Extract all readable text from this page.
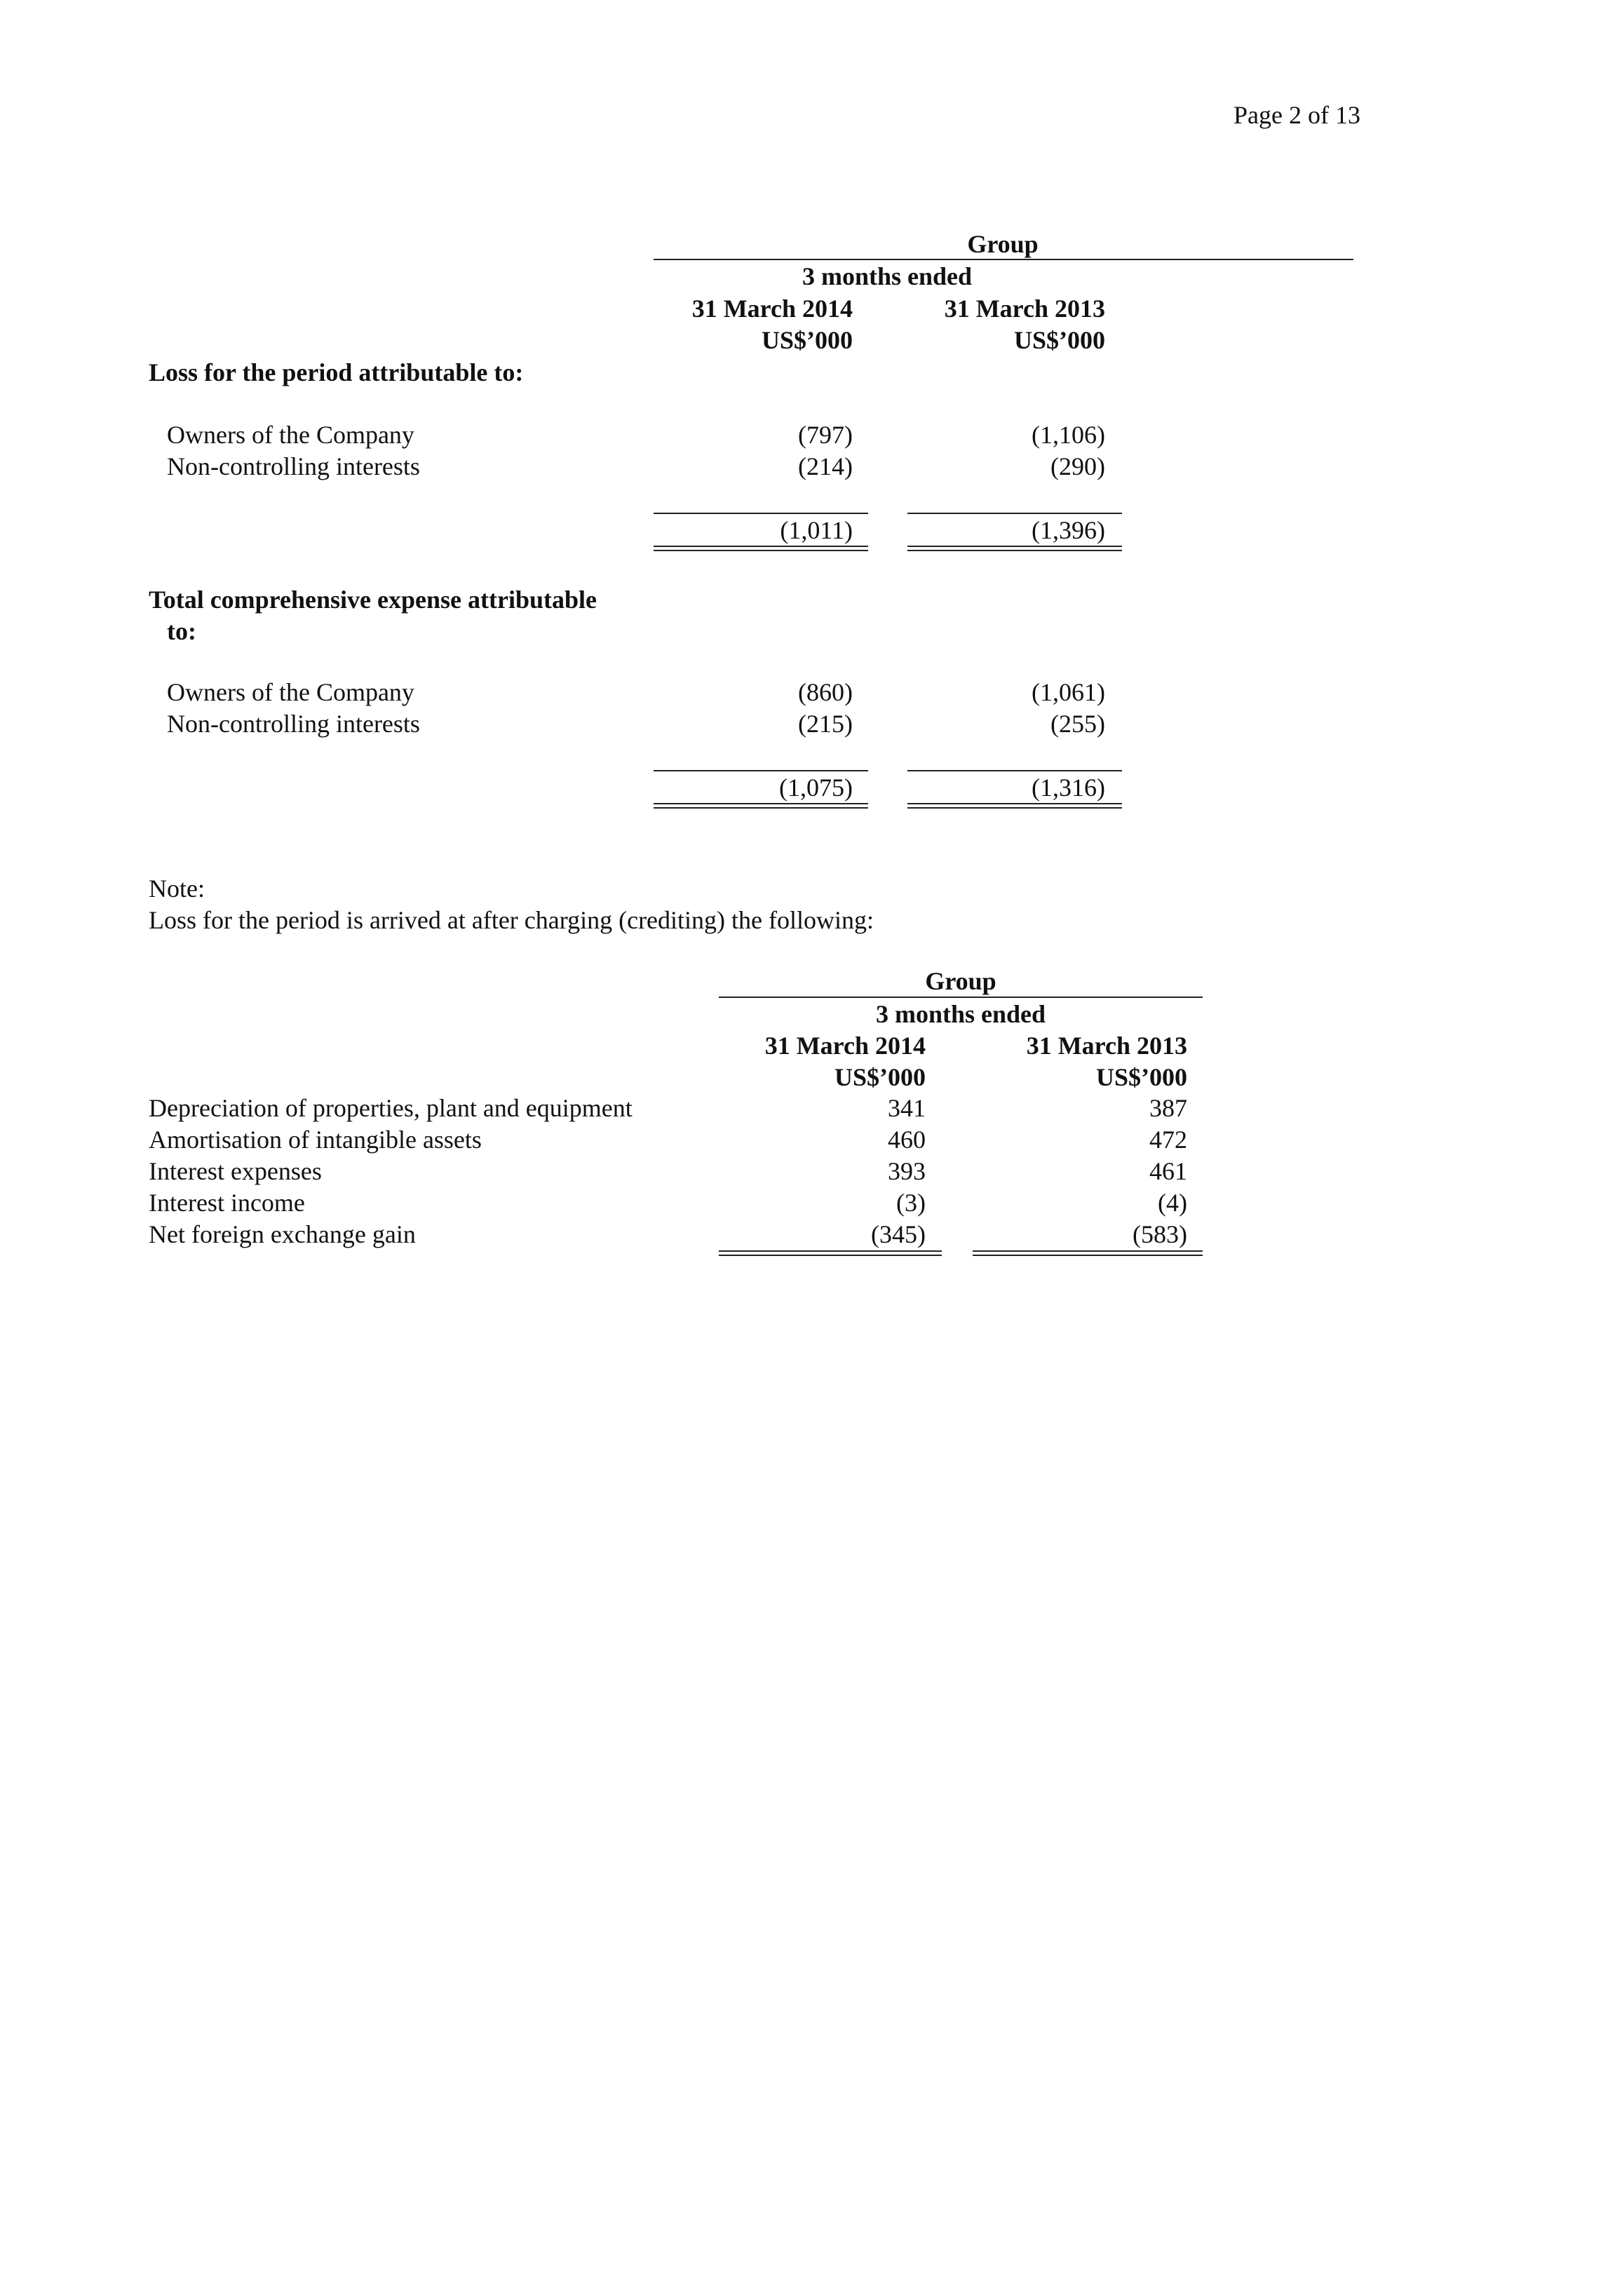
Page 2 of 13
Group
3 months ended
31 March 2014	31 March 2013
US$’000	US$’000
Loss for the period attributable to:
Owners of the Company	(797)	(1,106)
Non-controlling interests	(214)	(290)
(1,011)	(1,396)
Total comprehensive expense attributable
to:
Owners of the Company	(860)	(1,061)
Non-controlling interests	(215)	(255)
(1,075)	(1,316)
Note:
Loss for the period is arrived at after charging (crediting) the following:
Group
3 months ended
31 March 2014	31 March 2013
US$’000	US$’000
Depreciation of properties, plant and equipment	341	387
Amortisation of intangible assets	460	472
Interest expenses	393	461
Interest income	(3)	(4)
Net foreign exchange gain	(345)	(583)
